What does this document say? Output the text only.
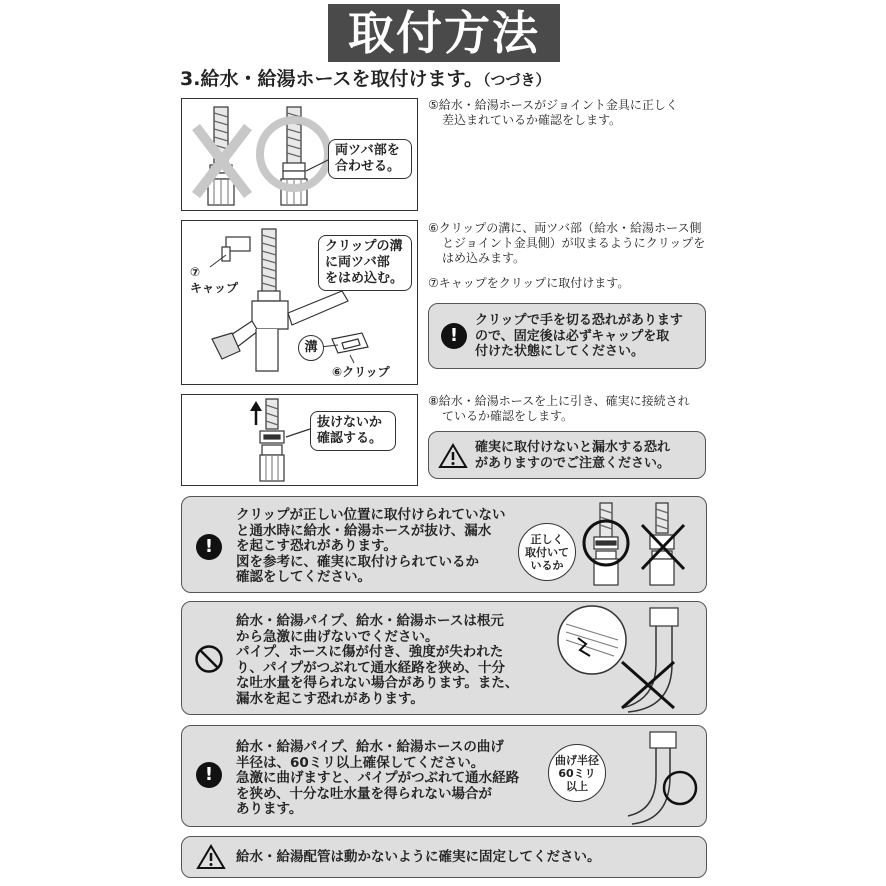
取付方法
3.給水・給湯ホースを取付けます。（つづき）
両ツバ部を
合わせる。
⑤給水・給湯ホースがジョイント金具に正しく
差込まれているか確認をします。
⑦
キャップ
クリップの溝
に両ツバ部
をはめ込む。
溝
⑥クリップ
⑥クリップの溝に、両ツバ部（給水・給湯ホース側
とジョイント金具側）が収まるようにクリップを
はめ込みます。
⑦キャップをクリップに取付けます。
!
クリップで手を切る恐れがあります
ので、固定後は必ずキャップを取
付けた状態にしてください。
抜けないか
確認する。
⑧給水・給湯ホースを上に引き、確実に接続され
ているか確認をします。
確実に取付けないと漏水する恐れ
がありますのでご注意ください。
!
クリップが正しい位置に取付けられていない
と通水時に給水・給湯ホースが抜け、漏水
を起こす恐れがあります。
図を参考に、確実に取付けられているか
確認をしてください。
正しく
取付いて
いるか
給水・給湯パイプ、給水・給湯ホースは根元
から急激に曲げないでください。
パイプ、ホースに傷が付き、強度が失われた
り、パイプがつぶれて通水経路を狭め、十分
な吐水量を得られない場合があります。また、
漏水を起こす恐れがあります。
!
給水・給湯パイプ、給水・給湯ホースの曲げ
半径は、60ミリ以上確保してください。
急激に曲げますと、パイプがつぶれて通水経路
を狭め、十分な吐水量を得られない場合が
あります。
曲げ半径
60ミリ
以上
給水・給湯配管は動かないように確実に固定してください。
